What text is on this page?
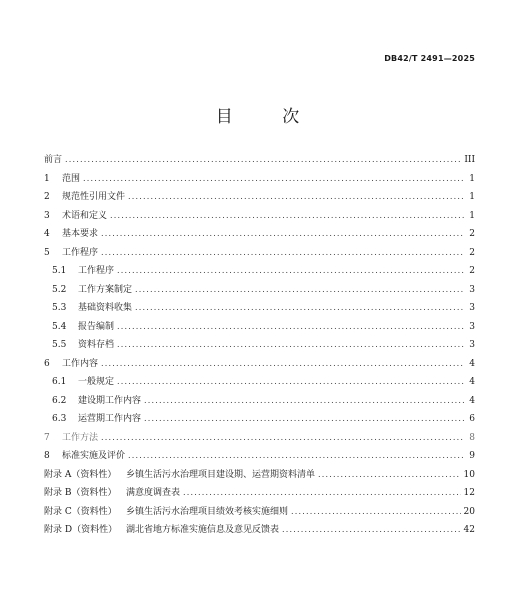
DB42/T 2491—2025
目 次
前言 .....	III
1	范围 .....	1
2	规范性引用文件 .....	1
3	术语和定义 .....	1
4	基本要求 .....	2
5	工作程序 .....	2
5.1	工作程序 .....	2
5.2	工作方案制定 .....	3
5.3	基础资料收集 .....	3
5.4	报告编制 .....	3
5.5	资料存档 .....	3
6	工作内容 .....	4
6.1	一般规定 .....	4
6.2	建设期工作内容 .....	4
6.3	运营期工作内容 .....	6
7	工作方法 .....	8
8	标准实施及评价 .....	9
附录 A（资料性）	乡镇生活污水治理项目建设期、运营期资料清单 .....	10
附录 B（资料性）	满意度调查表 .....	12
附录 C（资料性）	乡镇生活污水治理项目绩效考核实施细则 .....	20
附录 D（资料性） 湖北省地方标准实施信息及意见反馈表 .....	42
